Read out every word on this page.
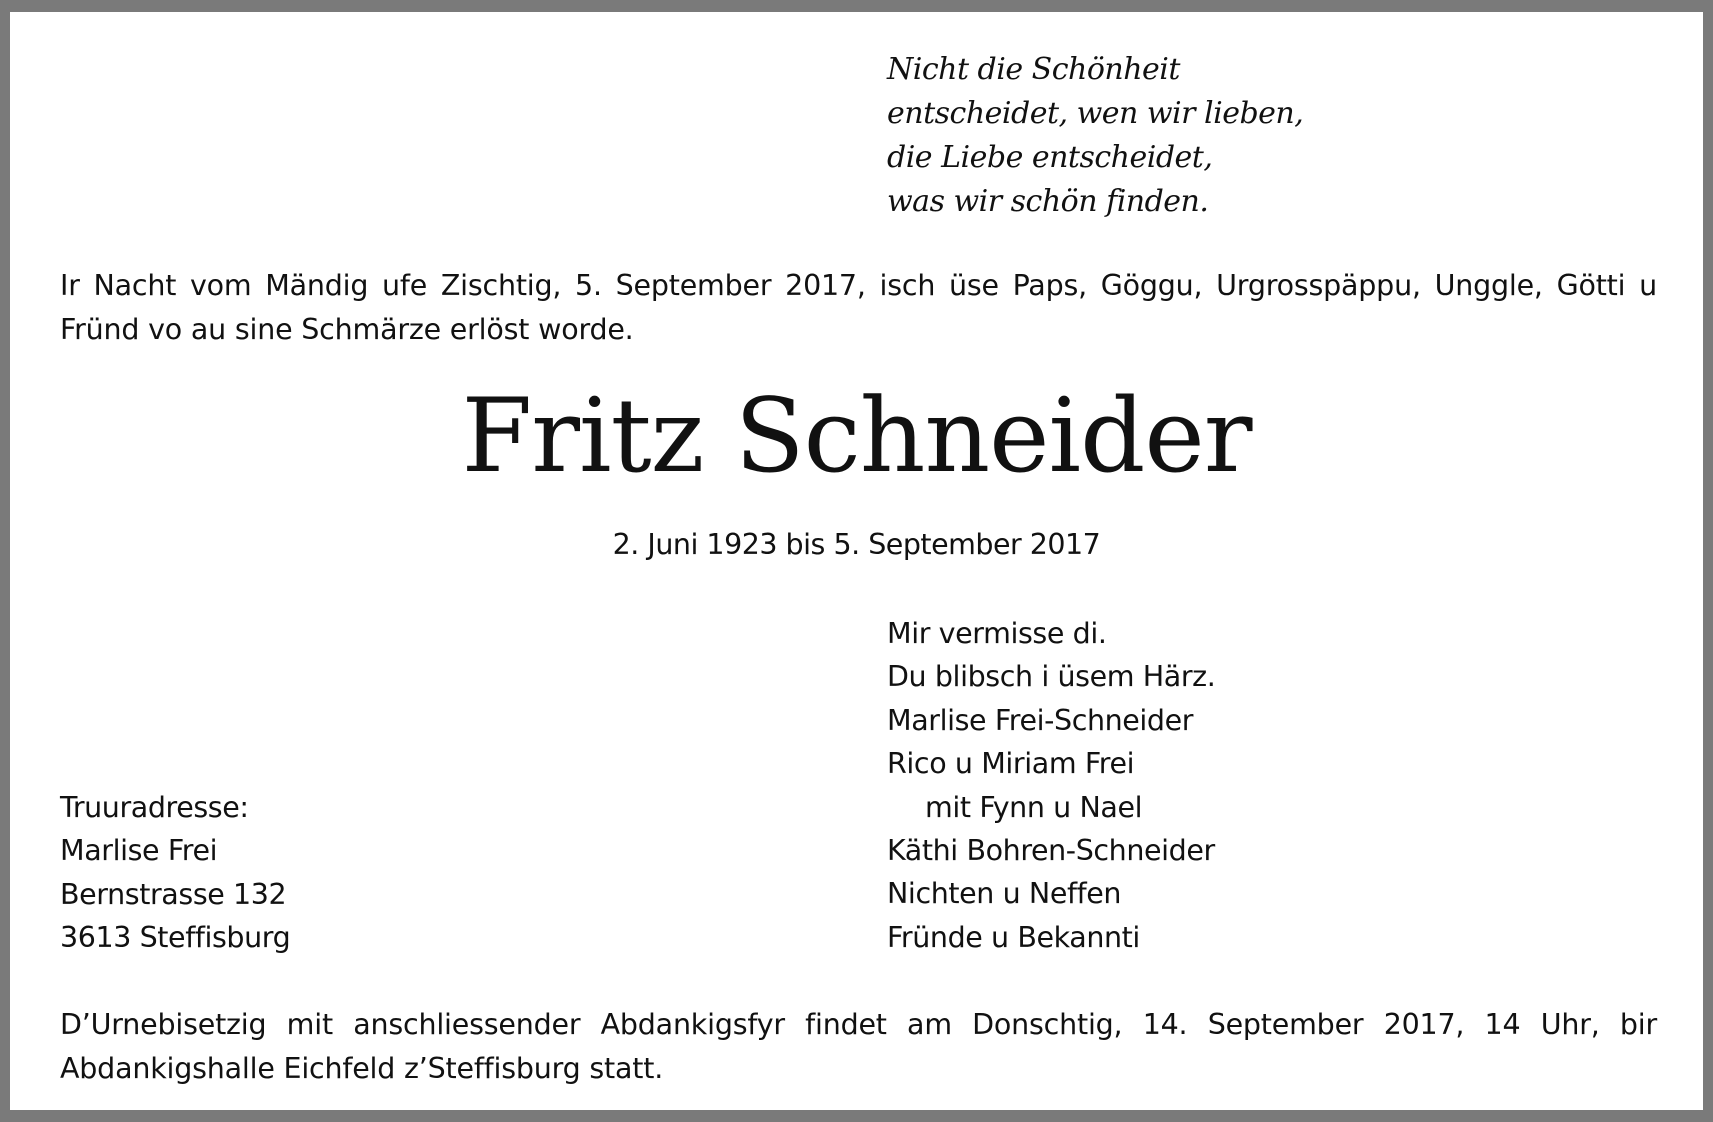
Nicht die Schönheit
entscheidet, wen wir lieben,
die Liebe entscheidet,
was wir schön finden.
Ir Nacht vom Mändig ufe Zischtig, 5. September 2017, isch üse Paps, Göggu, Urgrosspäppu, Unggle, Götti u Fründ vo au sine Schmärze erlöst worde.
Fritz Schneider
2. Juni 1923 bis 5. September 2017
Mir vermisse di.
Du blibsch i üsem Härz.
Marlise Frei-Schneider
Rico u Miriam Frei
mit Fynn u Nael
Käthi Bohren-Schneider
Nichten u Neffen
Fründe u Bekannti
Truuradresse:
Marlise Frei
Bernstrasse 132
3613 Steffisburg
D’Urnebisetzig mit anschliessender Abdankigsfyr findet am Donschtig, 14. September 2017, 14 Uhr, bir Abdankigshalle Eichfeld z’Steffisburg statt.
